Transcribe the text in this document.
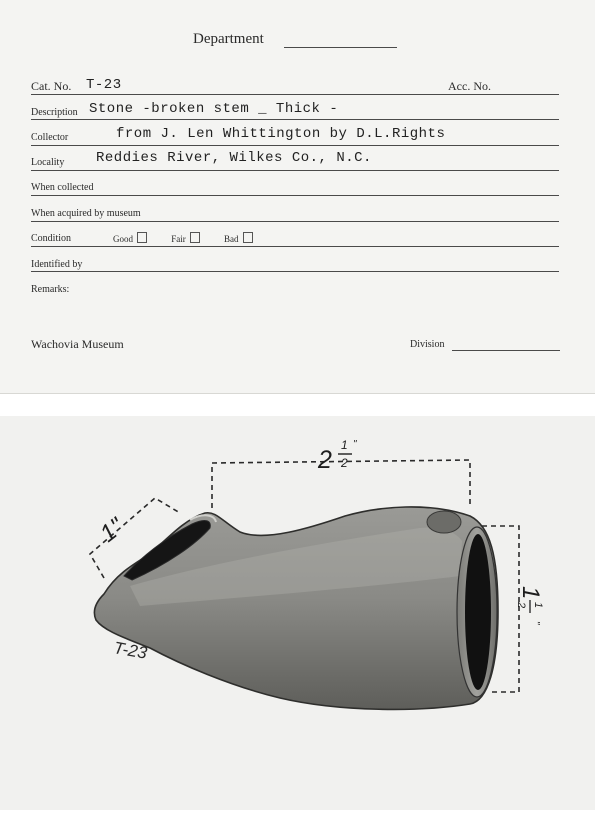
Department
Cat. No. T-23	Acc. No.
Description Stone -broken stem _ Thick -
Collector	from J. Len Whittington by D.L.Rights
Locality Reddies River, Wilkes Co., N.C.
When collected
When acquired by museum
Condition	Good	Fair	Bad
Identified by
Remarks:
Wachovia Museum	Division
2
1
2
"
1"
1
1
2
"
T-23
